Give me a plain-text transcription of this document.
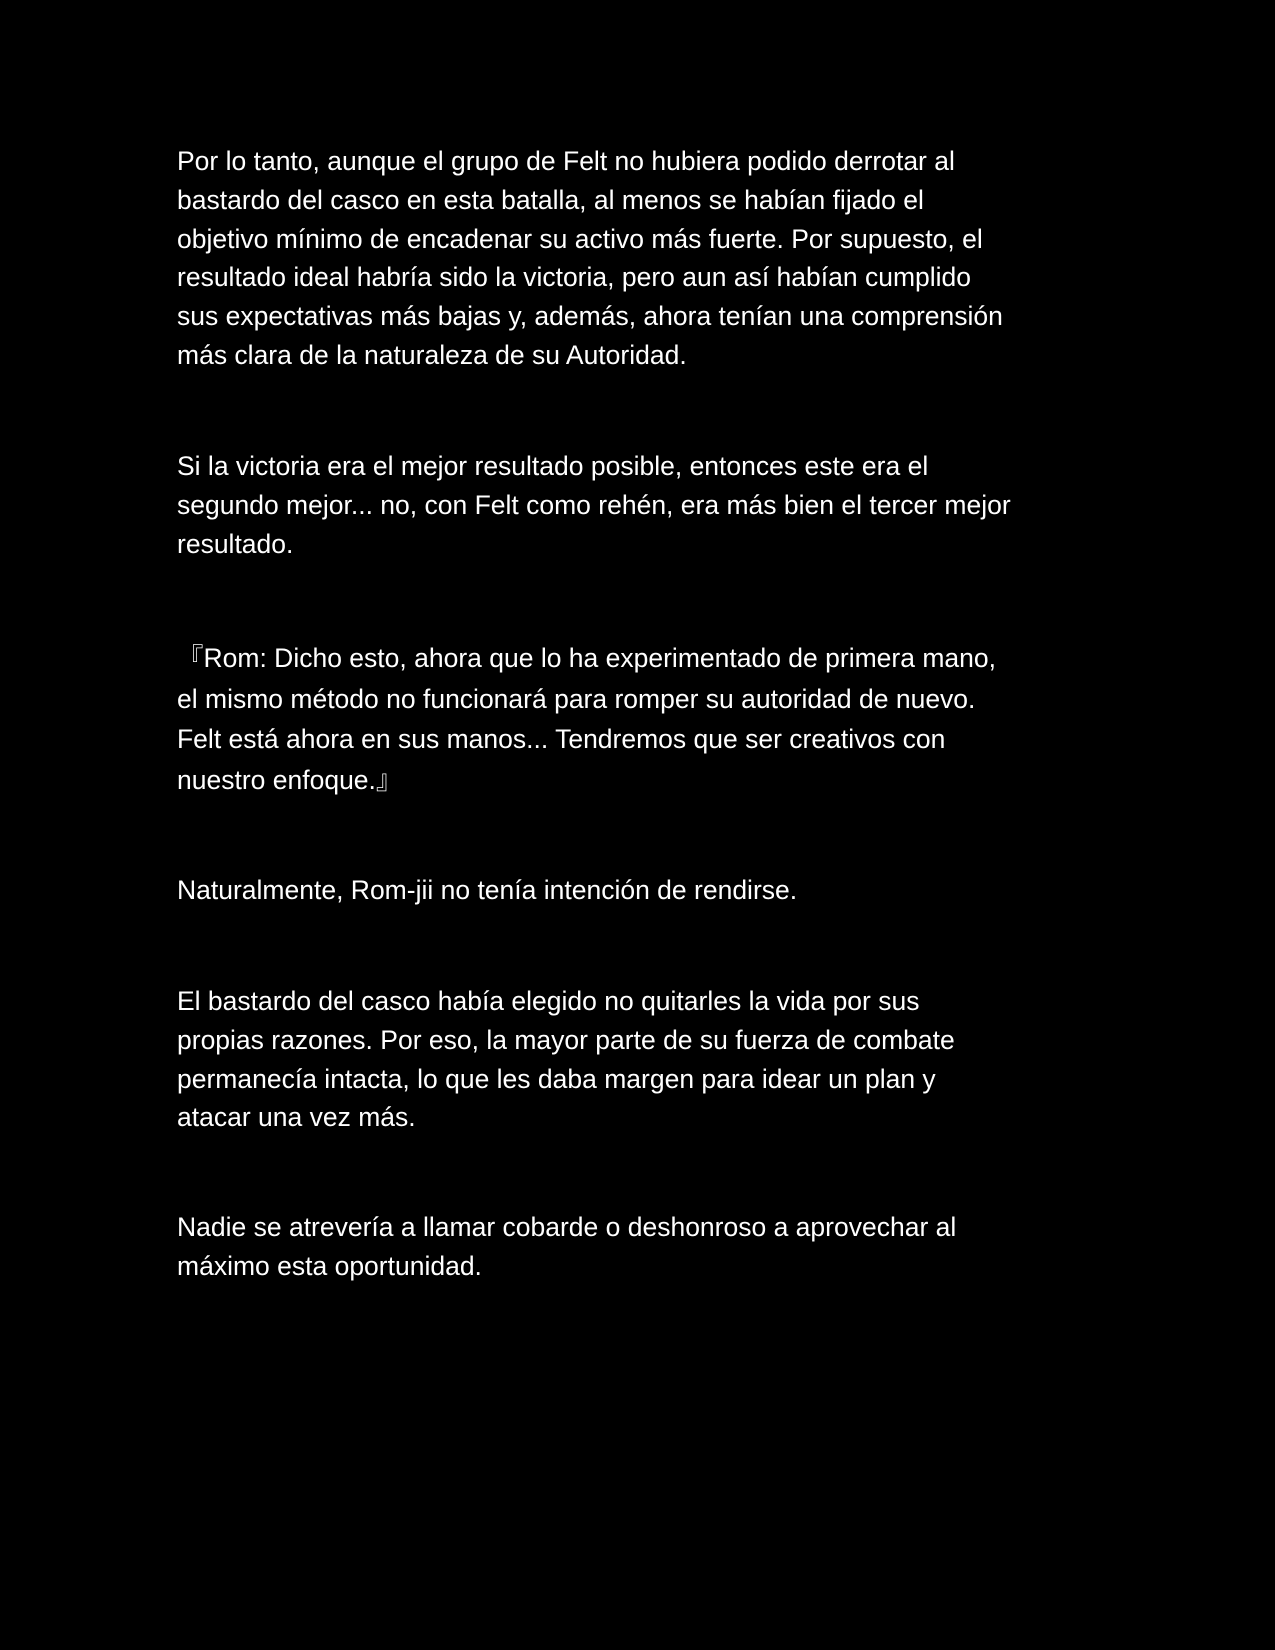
Por lo tanto, aunque el grupo de Felt no hubiera podido derrotar al
bastardo del casco en esta batalla, al menos se habían fijado el
objetivo mínimo de encadenar su activo más fuerte. Por supuesto, el
resultado ideal habría sido la victoria, pero aun así habían cumplido
sus expectativas más bajas y, además, ahora tenían una comprensión
más clara de la naturaleza de su Autoridad.

Si la victoria era el mejor resultado posible, entonces este era el
segundo mejor... no, con Felt como rehén, era más bien el tercer mejor
resultado.

『Rom: Dicho esto, ahora que lo ha experimentado de primera mano,
el mismo método no funcionará para romper su autoridad de nuevo.
Felt está ahora en sus manos... Tendremos que ser creativos con
nuestro enfoque.』

Naturalmente, Rom-jii no tenía intención de rendirse.

El bastardo del casco había elegido no quitarles la vida por sus
propias razones. Por eso, la mayor parte de su fuerza de combate
permanecía intacta, lo que les daba margen para idear un plan y
atacar una vez más.

Nadie se atrevería a llamar cobarde o deshonroso a aprovechar al
máximo esta oportunidad.
